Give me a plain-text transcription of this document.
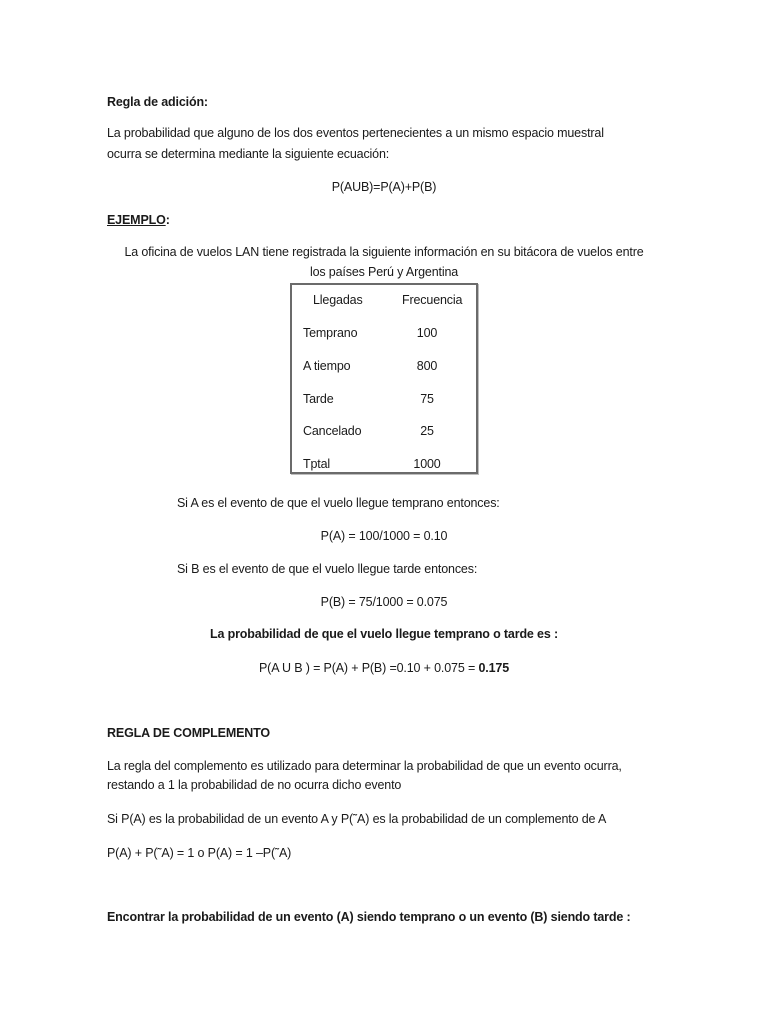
Regla de adición:

La probabilidad que alguno de los dos eventos pertenecientes a un mismo espacio muestral

ocurra se determina mediante la siguiente ecuación:

P(AUB)=P(A)+P(B)

EJEMPLO:

La oficina de vuelos LAN tiene registrada la siguiente información en su bitácora de vuelos entre

los países Perú y Argentina

Llegadas	Frecuencia
Temprano	100
A tiempo	800
Tarde	75
Cancelado	25
Tptal	1000

Si A es el evento de que el vuelo llegue temprano entonces:

P(A) = 100/1000 = 0.10

Si B es el evento de que el vuelo llegue tarde entonces:

P(B) = 75/1000 = 0.075

La probabilidad de que el vuelo llegue temprano o tarde es :

P(A U B ) = P(A) + P(B) =0.10 + 0.075 = 0.175

REGLA DE COMPLEMENTO

La regla del complemento es utilizado para determinar la probabilidad de que un evento ocurra,

restando a 1 la probabilidad de no ocurra dicho evento

Si P(A) es la probabilidad de un evento A y P(˜A) es la probabilidad de un complemento de A

P(A) + P(˜A) = 1 o P(A) = 1 –P(˜A)

Encontrar la probabilidad de un evento (A) siendo temprano o un evento (B) siendo tarde :
